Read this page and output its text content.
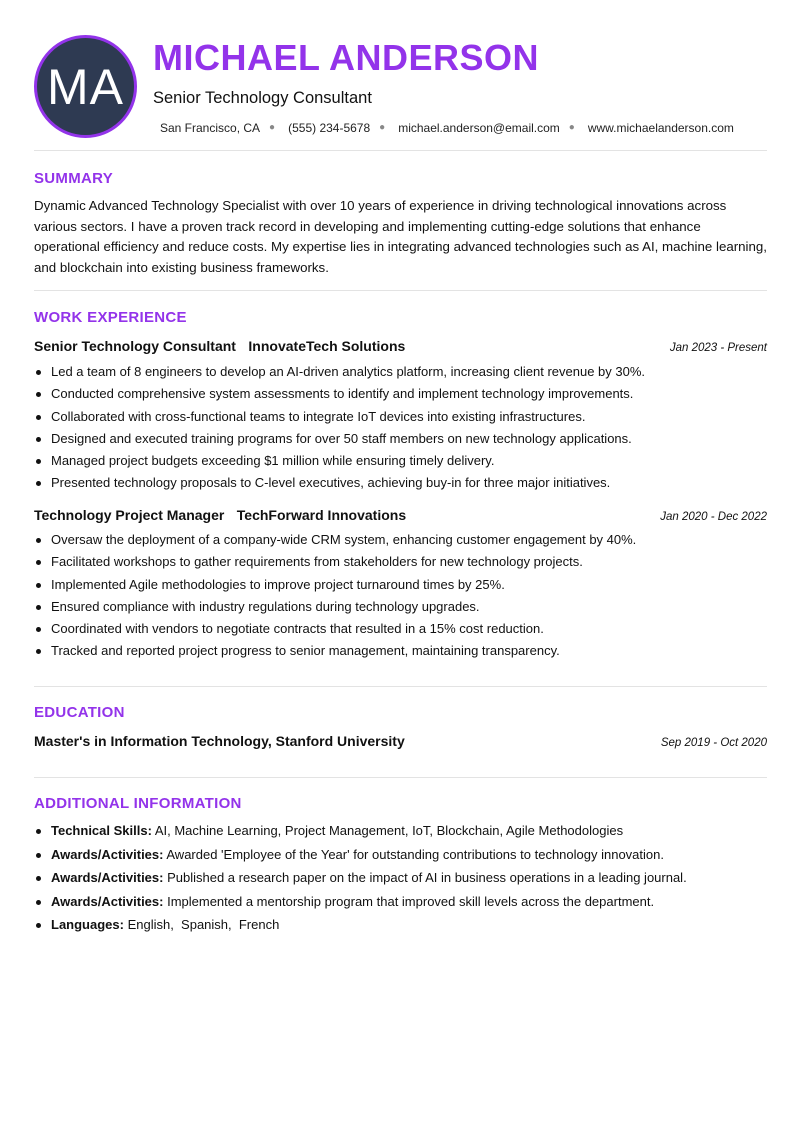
MA
MICHAEL ANDERSON
Senior Technology Consultant
San Francisco, CA ● (555) 234-5678 ● michael.anderson@email.com ● www.michaelanderson.com
SUMMARY
Dynamic Advanced Technology Specialist with over 10 years of experience in driving technological innovations across various sectors. I have a proven track record in developing and implementing cutting-edge solutions that enhance operational efficiency and reduce costs. My expertise lies in integrating advanced technologies such as AI, machine learning, and blockchain into existing business frameworks.
WORK EXPERIENCE
Senior Technology Consultant InnovateTech Solutions	Jan 2023 - Present
Led a team of 8 engineers to develop an AI-driven analytics platform, increasing client revenue by 30%.
Conducted comprehensive system assessments to identify and implement technology improvements.
Collaborated with cross-functional teams to integrate IoT devices into existing infrastructures.
Designed and executed training programs for over 50 staff members on new technology applications.
Managed project budgets exceeding $1 million while ensuring timely delivery.
Presented technology proposals to C-level executives, achieving buy-in for three major initiatives.
Technology Project Manager TechForward Innovations	Jan 2020 - Dec 2022
Oversaw the deployment of a company-wide CRM system, enhancing customer engagement by 40%.
Facilitated workshops to gather requirements from stakeholders for new technology projects.
Implemented Agile methodologies to improve project turnaround times by 25%.
Ensured compliance with industry regulations during technology upgrades.
Coordinated with vendors to negotiate contracts that resulted in a 15% cost reduction.
Tracked and reported project progress to senior management, maintaining transparency.
EDUCATION
Master's in Information Technology, Stanford University	Sep 2019 - Oct 2020
ADDITIONAL INFORMATION
Technical Skills: AI, Machine Learning, Project Management, IoT, Blockchain, Agile Methodologies
Awards/Activities: Awarded 'Employee of the Year' for outstanding contributions to technology innovation.
Awards/Activities: Published a research paper on the impact of AI in business operations in a leading journal.
Awards/Activities: Implemented a mentorship program that improved skill levels across the department.
Languages: English,  Spanish,  French
